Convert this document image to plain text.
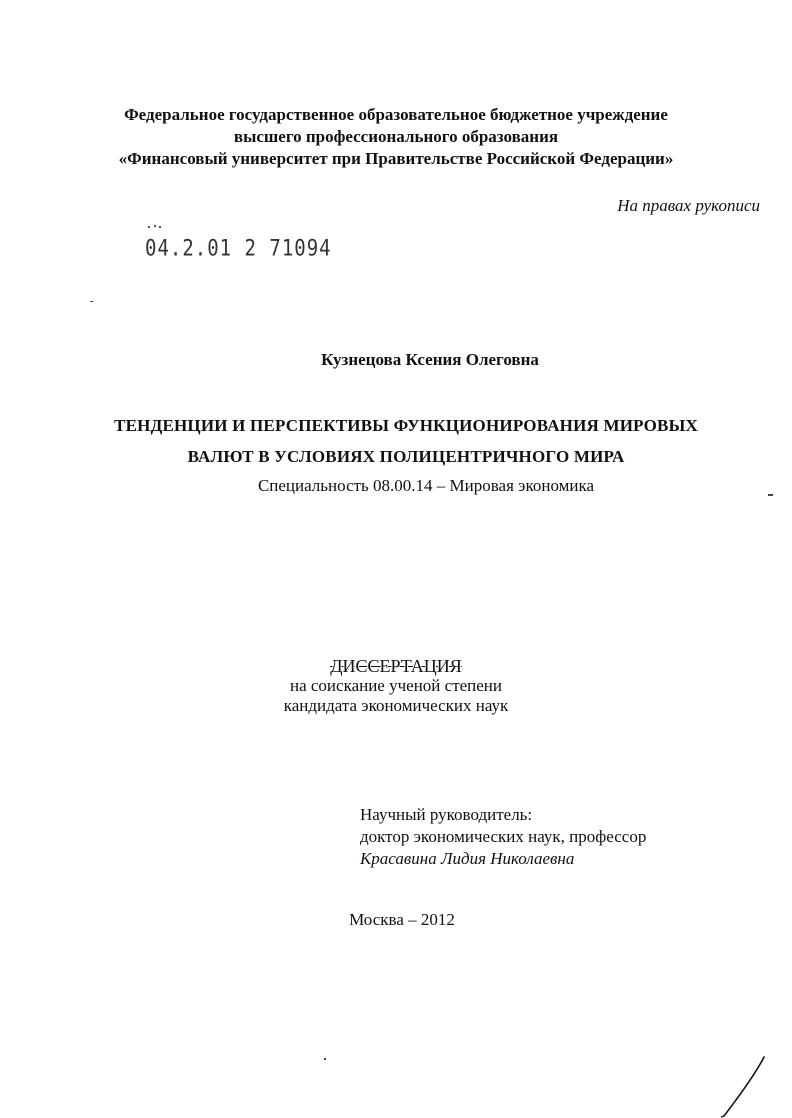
Федеральное государственное образовательное бюджетное учреждение
высшего профессионального образования
«Финансовый университет при Правительстве Российской Федерации»
На правах рукописи
04.2.01 2 71094
Кузнецова Ксения Олеговна
ТЕНДЕНЦИИ И ПЕРСПЕКТИВЫ ФУНКЦИОНИРОВАНИЯ МИРОВЫХ
ВАЛЮТ В УСЛОВИЯХ ПОЛИЦЕНТРИЧНОГО МИРА
Специальность 08.00.14 – Мировая экономика
ДИССЕРТАЦИЯ
на соискание ученой степени
кандидата экономических наук
Научный руководитель:
доктор экономических наук, профессор
Красавина Лидия Николаевна
Москва – 2012
